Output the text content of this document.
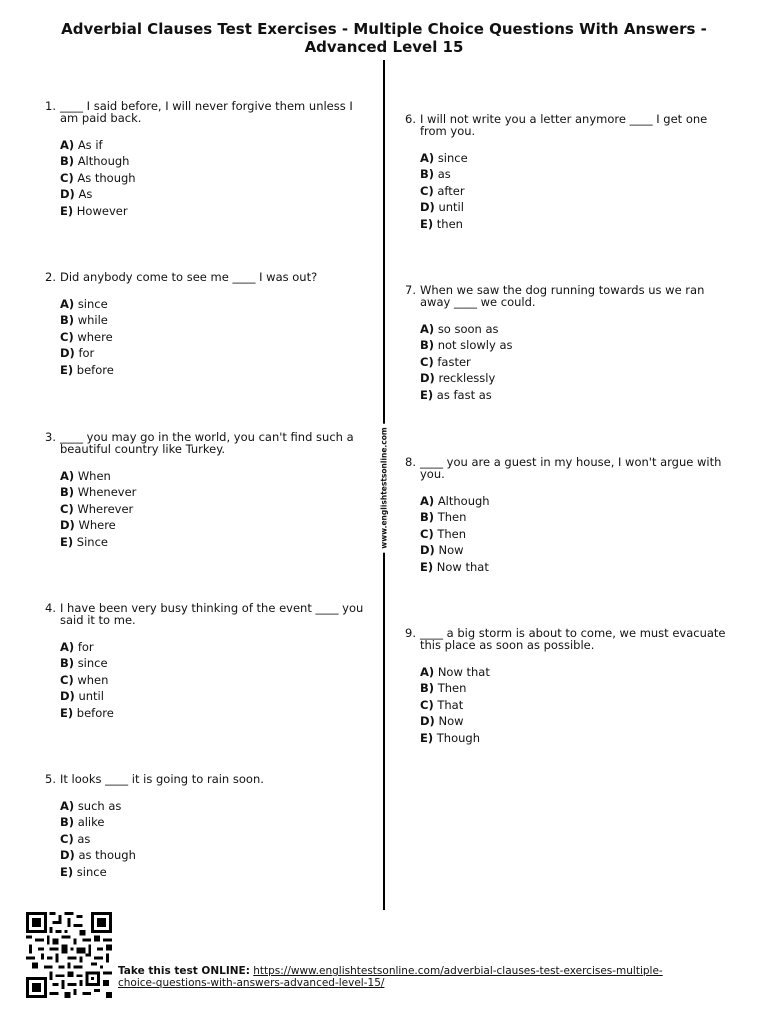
Adverbial Clauses Test Exercises - Multiple Choice Questions With Answers -
Advanced Level 15
www.englishtestsonline.com
1. ____ I said before, I will never forgive them unless I
am paid back.
A) As if
B) Although
C) As though
D) As
E) However
2. Did anybody come to see me ____ I was out?
A) since
B) while
C) where
D) for
E) before
3. ____ you may go in the world, you can't find such a
beautiful country like Turkey.
A) When
B) Whenever
C) Wherever
D) Where
E) Since
4. I have been very busy thinking of the event ____ you
said it to me.
A) for
B) since
C) when
D) until
E) before
5. It looks ____ it is going to rain soon.
A) such as
B) alike
C) as
D) as though
E) since
6. I will not write you a letter anymore ____ I get one
from you.
A) since
B) as
C) after
D) until
E) then
7. When we saw the dog running towards us we ran
away ____ we could.
A) so soon as
B) not slowly as
C) faster
D) recklessly
E) as fast as
8. ____ you are a guest in my house, I won't argue with
you.
A) Although
B) Then
C) Then
D) Now
E) Now that
9. ____ a big storm is about to come, we must evacuate
this place as soon as possible.
A) Now that
B) Then
C) That
D) Now
E) Though
Take this test ONLINE: https://www.englishtestsonline.com/adverbial-clauses-test-exercises-multiple-
choice-questions-with-answers-advanced-level-15/
